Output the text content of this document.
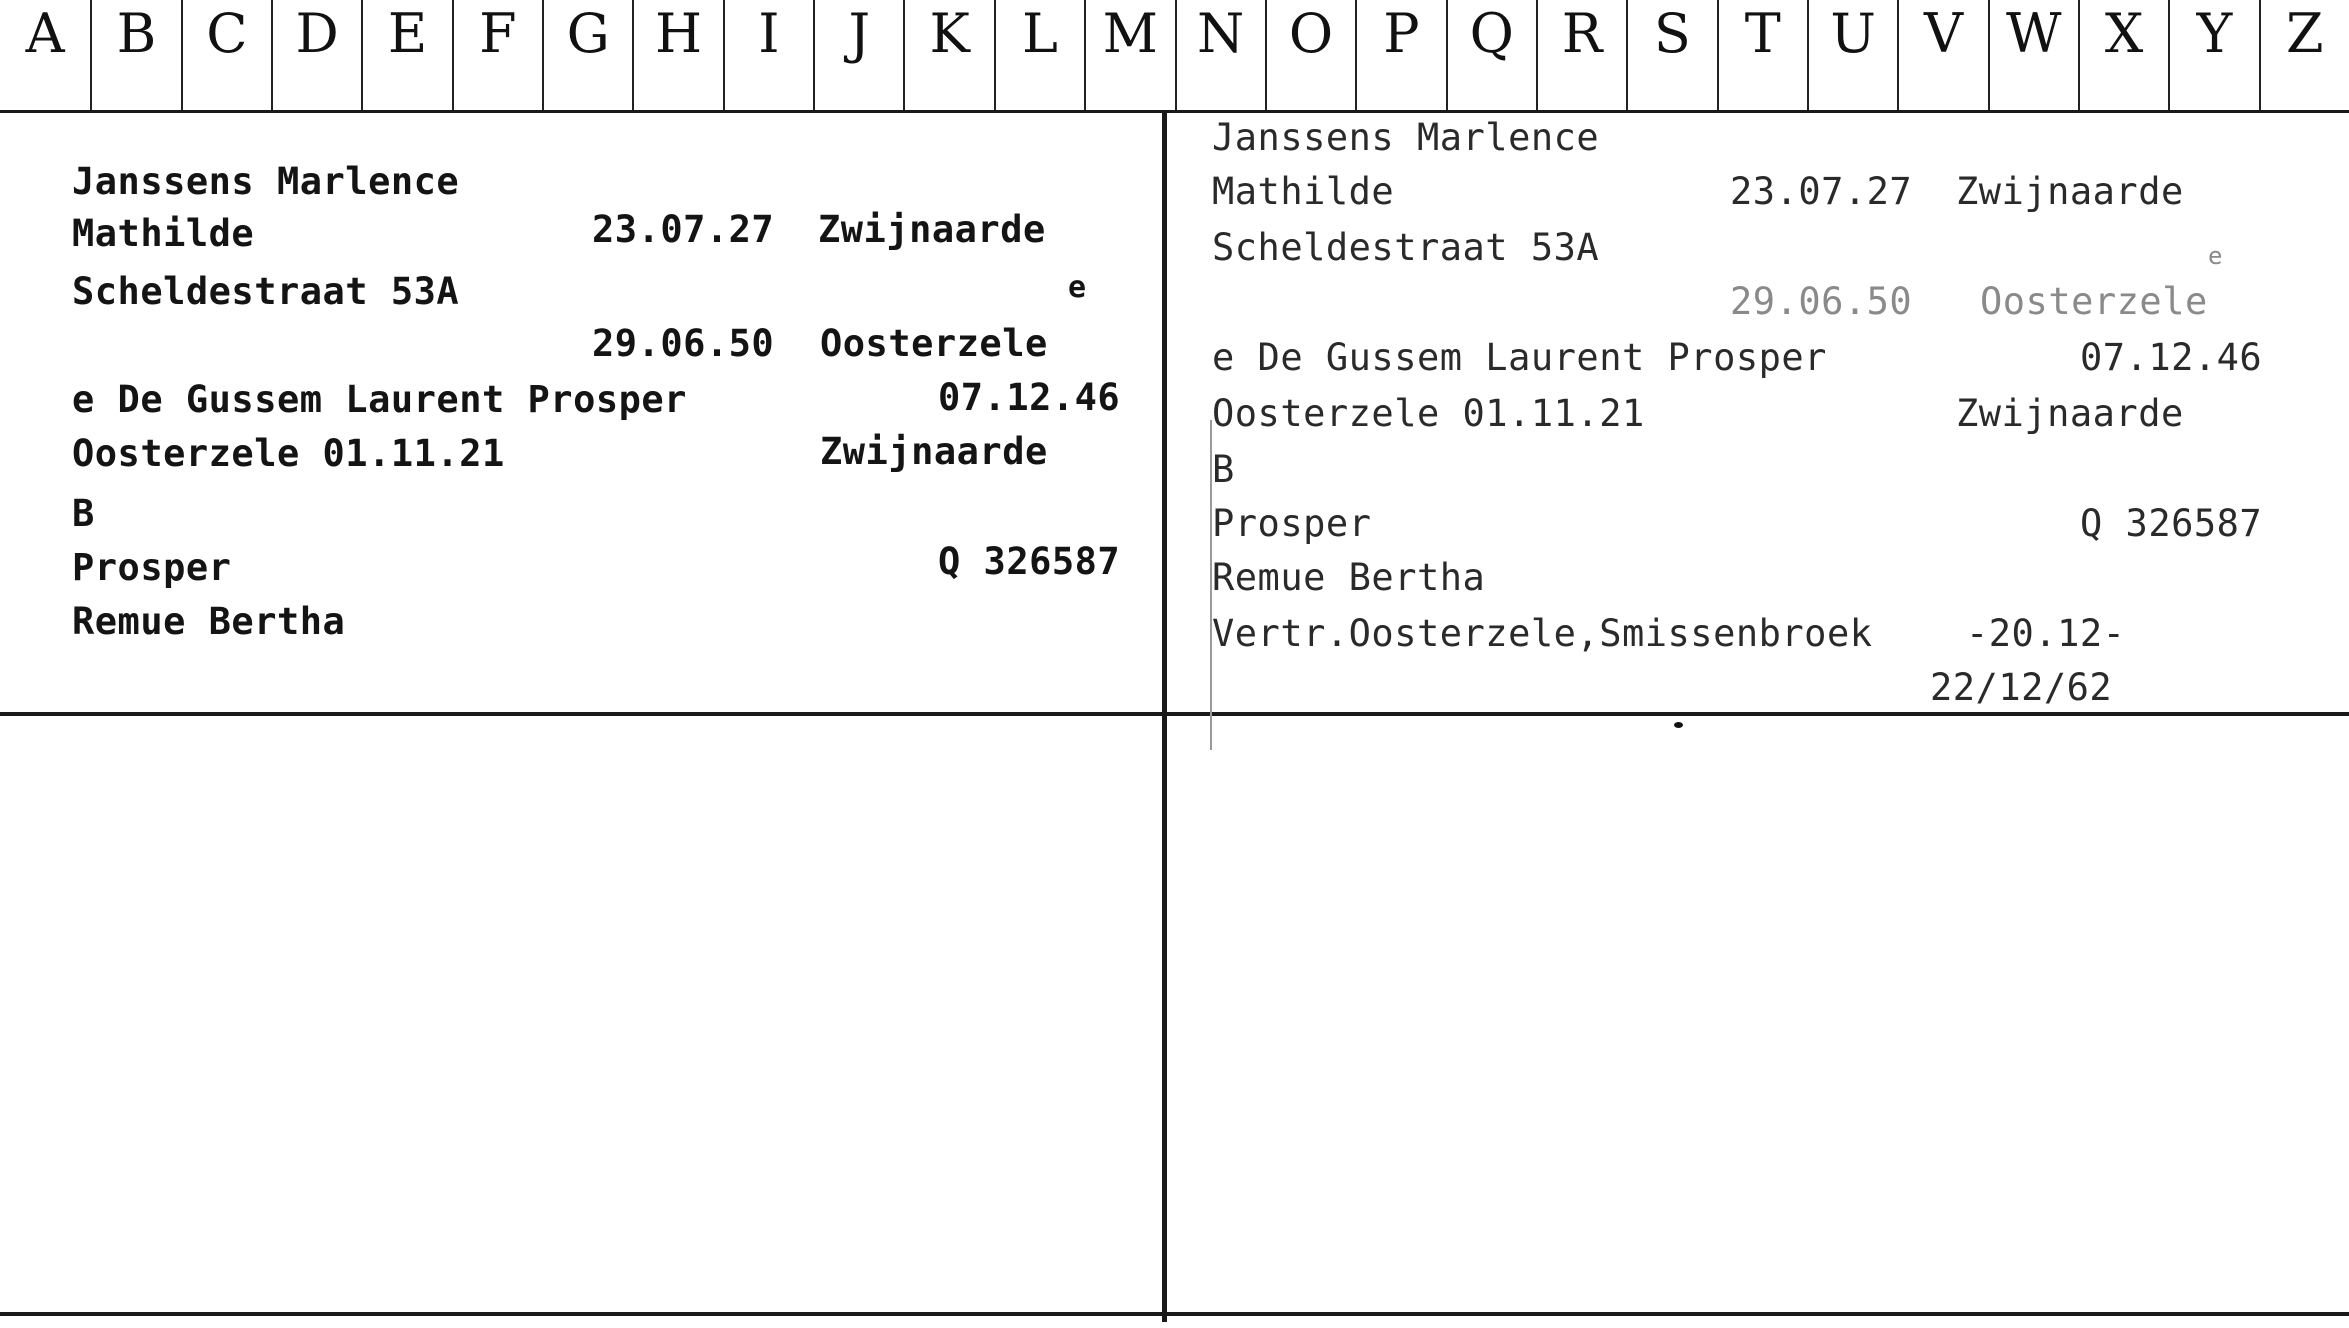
A B C D E F G H	I	J	K L M N O P Q R S T U V W X Y Z
Janssens Marlence
Mathilde	23.07.27 Zwijnaarde
Scheldestraat 53A	e
29.06.50 Oosterzele
e De Gussem Laurent Prosper	07.12.46
Oosterzele 01.11.21	Zwijnaarde
B
Prosper	Q 326587
Remue Bertha
Janssens Marlence
Mathilde	23.07.27 Zwijnaarde
Scheldestraat 53A	e
29.06.50 Oosterzele
e De Gussem Laurent Prosper	07.12.46
Oosterzele 01.11.21	Zwijnaarde
B
Prosper	Q 326587
Remue Bertha
Vertr.Oosterzele,Smissenbroek	-20.12-
22/12/62
